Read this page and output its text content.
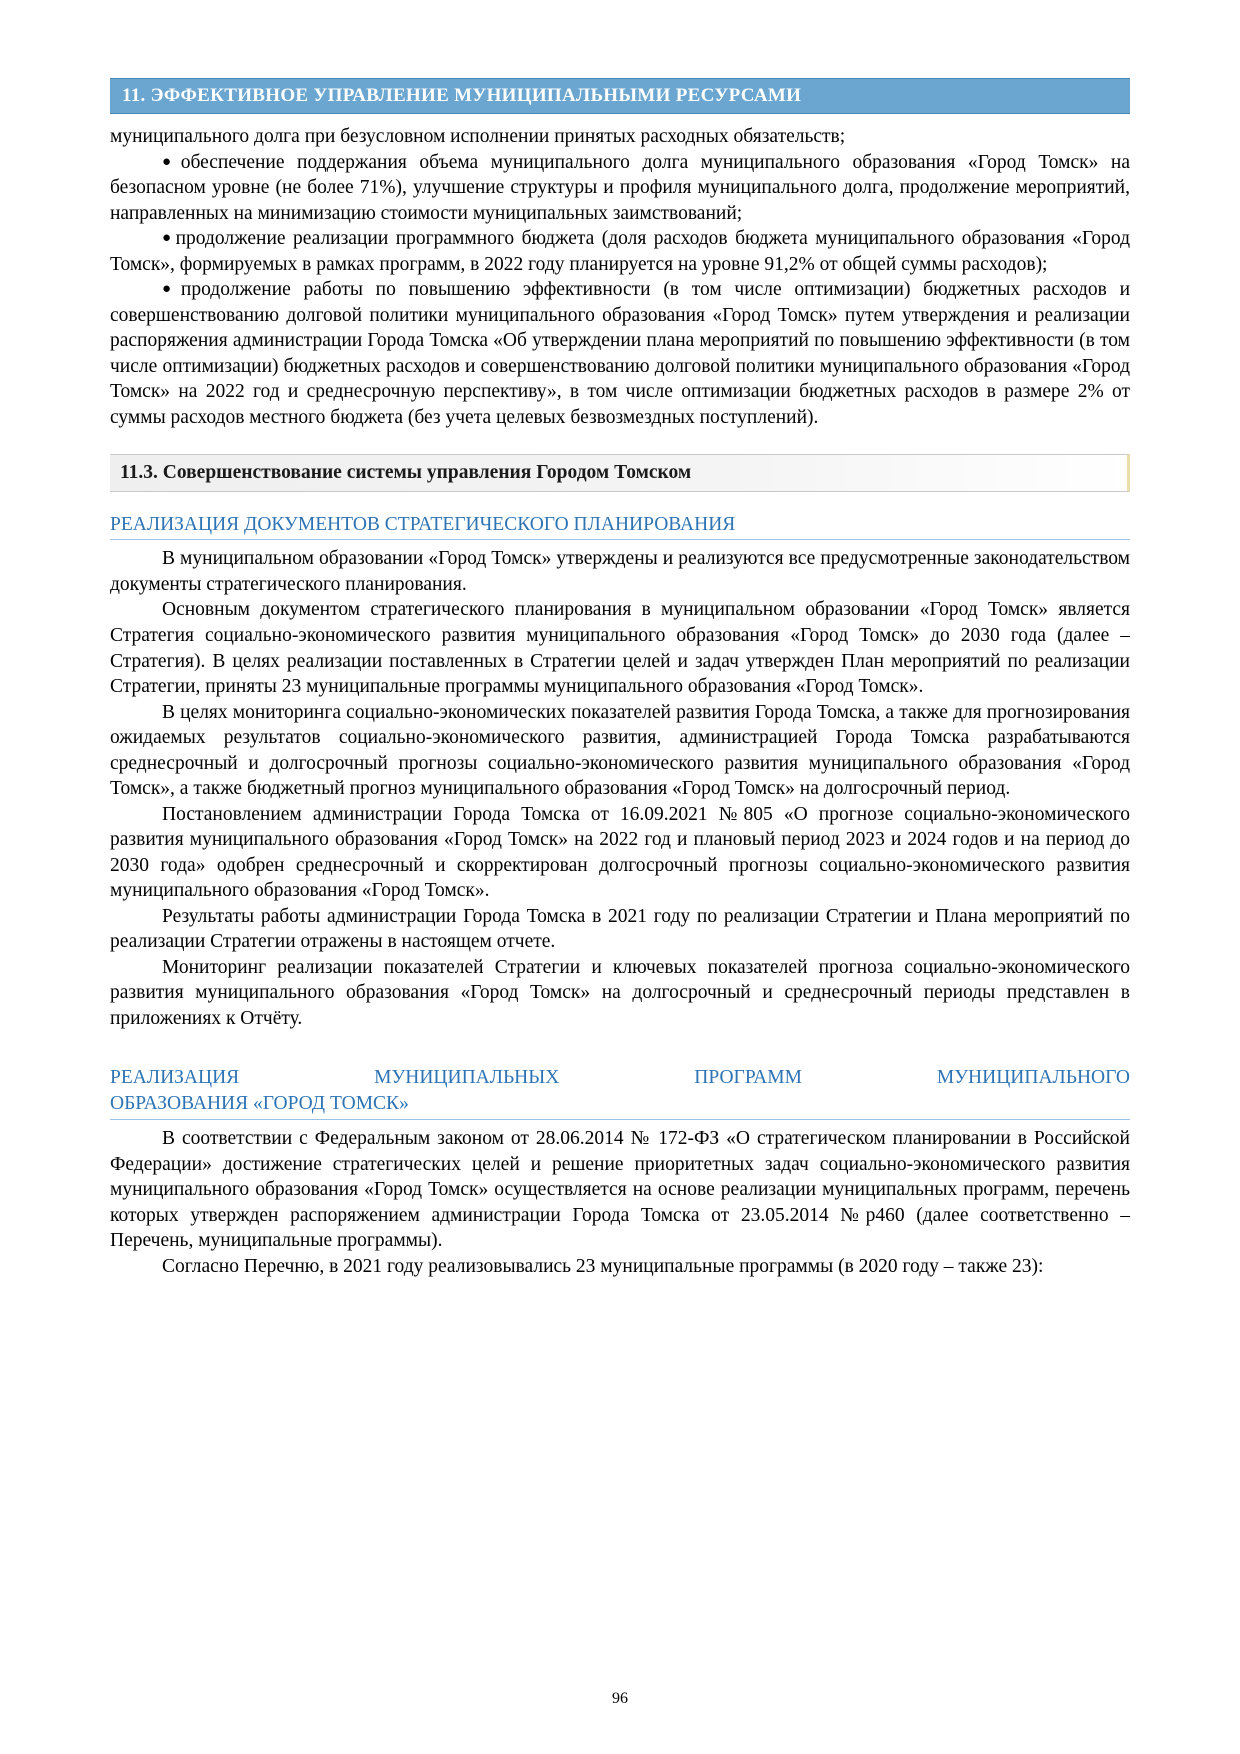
11. ЭФФЕКТИВНОЕ УПРАВЛЕНИЕ МУНИЦИПАЛЬНЫМИ РЕСУРСАМИ

муниципального долга при безусловном исполнении принятых расходных обязательств;

● обеспечение поддержания объема муниципального долга муниципального образования «Город Томск» на безопасном уровне (не более 71%), улучшение структуры и профиля муниципального долга, продолжение мероприятий, направленных на минимизацию стоимости муниципальных заимствований;

● продолжение реализации программного бюджета (доля расходов бюджета муниципального образования «Город Томск», формируемых в рамках программ, в 2022 году планируется на уровне 91,2% от общей суммы расходов);

● продолжение работы по повышению эффективности (в том числе оптимизации) бюджетных расходов и совершенствованию долговой политики муниципального образования «Город Томск» путем утверждения и реализации распоряжения администрации Города Томска «Об утверждении плана мероприятий по повышению эффективности (в том числе оптимизации) бюджетных расходов и совершенствованию долговой политики муниципального образования «Город Томск» на 2022 год и среднесрочную перспективу», в том числе оптимизации бюджетных расходов в размере 2% от суммы расходов местного бюджета (без учета целевых безвозмездных поступлений).

11.3. Совершенствование системы управления Городом Томском
РЕАЛИЗАЦИЯ ДОКУМЕНТОВ СТРАТЕГИЧЕСКОГО ПЛАНИРОВАНИЯ

В муниципальном образовании «Город Томск» утверждены и реализуются все предусмотренные законодательством документы стратегического планирования.

Основным документом стратегического планирования в муниципальном образовании «Город Томск» является Стратегия социально-экономического развития муниципального образования «Город Томск» до 2030 года (далее – Стратегия). В целях реализации поставленных в Стратегии целей и задач утвержден План мероприятий по реализации Стратегии, приняты 23 муниципальные программы муниципального образования «Город Томск».

В целях мониторинга социально-экономических показателей развития Города Томска, а также для прогнозирования ожидаемых результатов социально-экономического развития, администрацией Города Томска разрабатываются среднесрочный и долгосрочный прогнозы социально-экономического развития муниципального образования «Город Томск», а также бюджетный прогноз муниципального образования «Город Томск» на долгосрочный период.

Постановлением администрации Города Томска от 16.09.2021 №805 «О прогнозе социально-экономического развития муниципального образования «Город Томск» на 2022 год и плановый период 2023 и 2024 годов и на период до 2030 года» одобрен среднесрочный и скорректирован долгосрочный прогнозы социально-экономического развития муниципального образования «Город Томск».

Результаты работы администрации Города Томска в 2021 году по реализации Стратегии и Плана мероприятий по реализации Стратегии отражены в настоящем отчете.

Мониторинг реализации показателей Стратегии и ключевых показателей прогноза социально-экономического развития муниципального образования «Город Томск» на долгосрочный и среднесрочный периоды представлен в приложениях к Отчёту.

РЕАЛИЗАЦИЯ МУНИЦИПАЛЬНЫХ ПРОГРАММ МУНИЦИПАЛЬНОГО
ОБРАЗОВАНИЯ «ГОРОД ТОМСК»

В соответствии с Федеральным законом от 28.06.2014 № 172-ФЗ «О стратегическом планировании в Российской Федерации» достижение стратегических целей и решение приоритетных задач социально-экономического развития муниципального образования «Город Томск» осуществляется на основе реализации муниципальных программ, перечень которых утвержден распоряжением администрации Города Томска от 23.05.2014 №р460 (далее соответственно – Перечень, муниципальные программы).

Согласно Перечню, в 2021 году реализовывались 23 муниципальные программы (в 2020 году – также 23):

96
